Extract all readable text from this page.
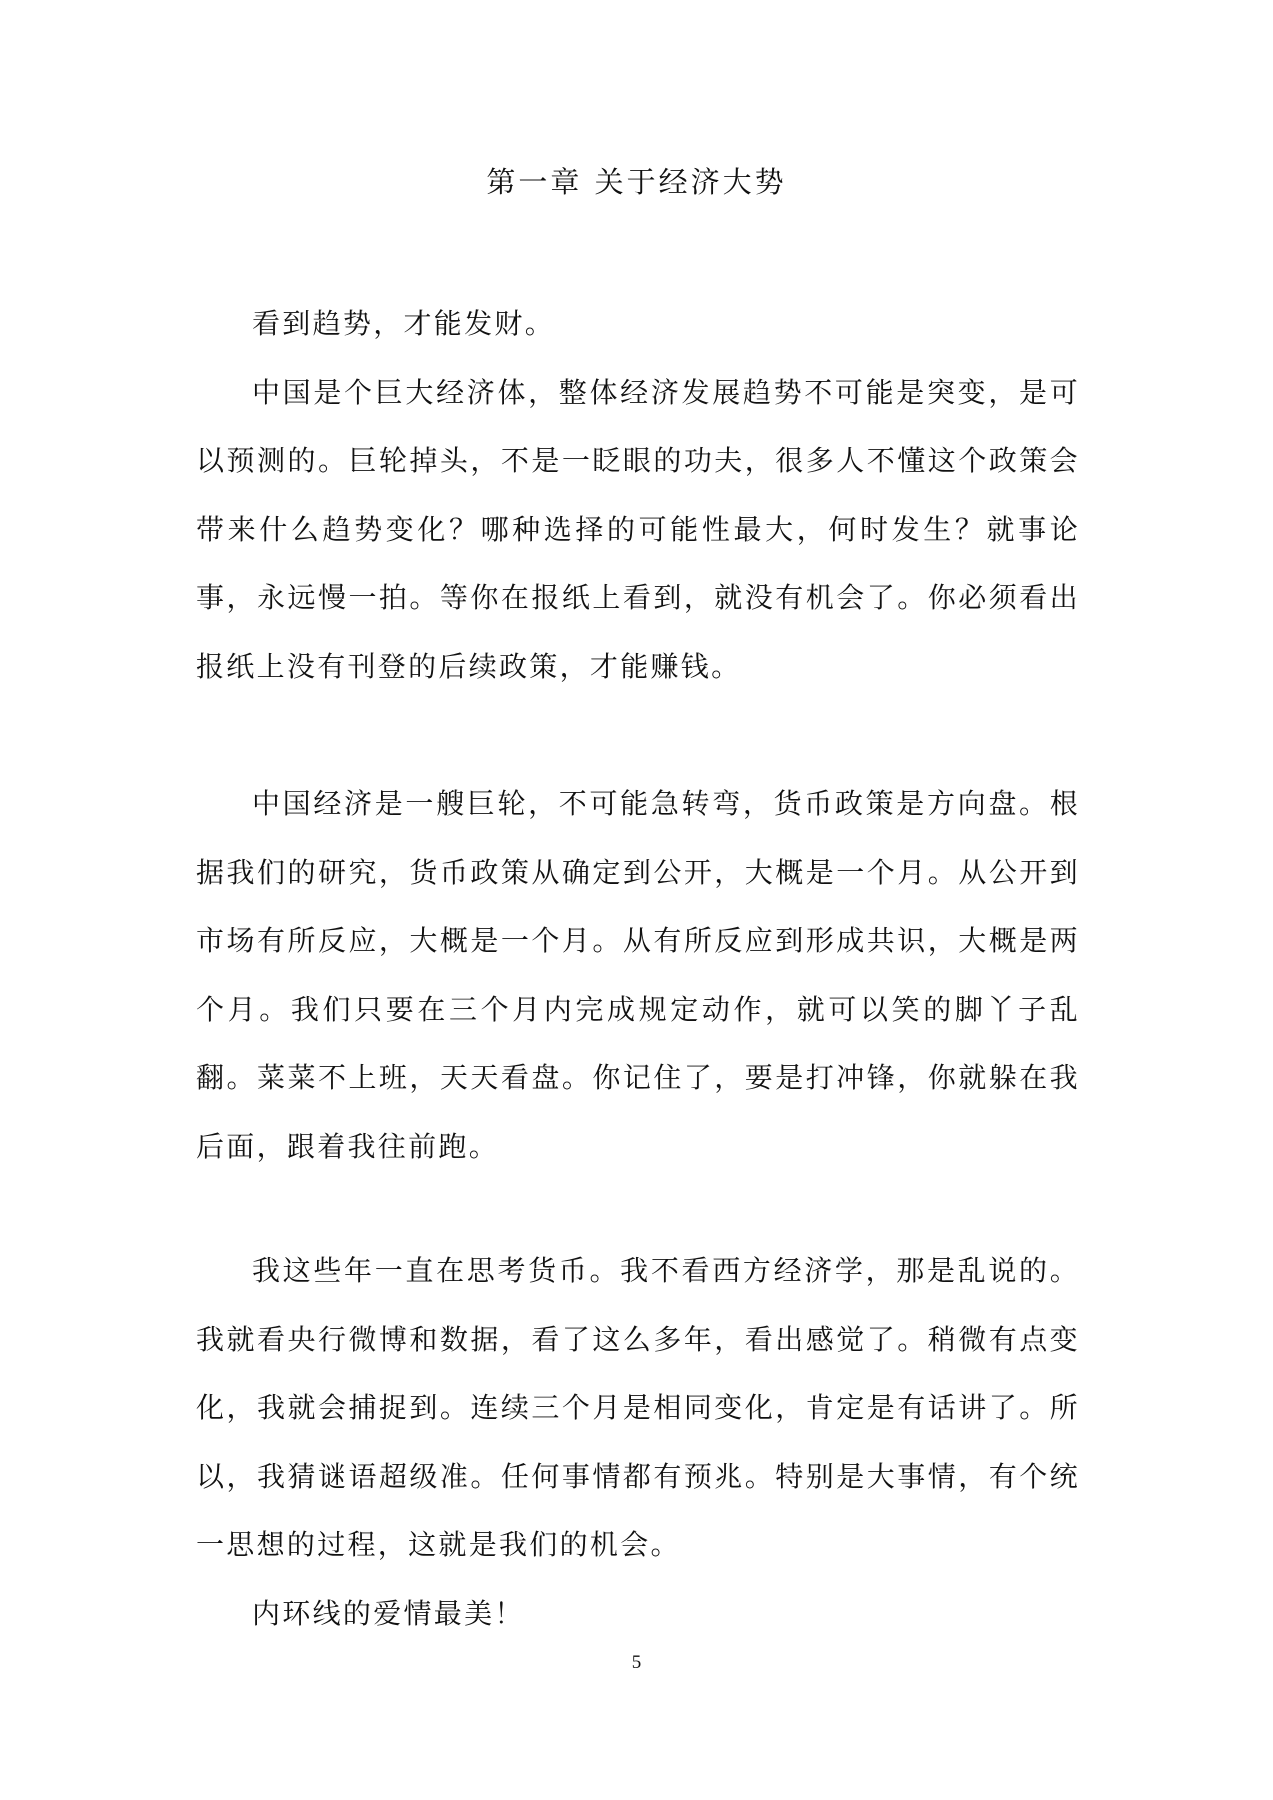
第一章 关于经济大势

看到趋势，才能发财。

中国是个巨大经济体，整体经济发展趋势不可能是突变，是可以预测的。巨轮掉头，不是一眨眼的功夫，很多人不懂这个政策会带来什么趋势变化？哪种选择的可能性最大，何时发生？就事论事，永远慢一拍。等你在报纸上看到，就没有机会了。你必须看出报纸上没有刊登的后续政策，才能赚钱。

中国经济是一艘巨轮，不可能急转弯，货币政策是方向盘。根据我们的研究，货币政策从确定到公开，大概是一个月。从公开到市场有所反应，大概是一个月。从有所反应到形成共识，大概是两个月。我们只要在三个月内完成规定动作，就可以笑的脚丫子乱翻。菜菜不上班，天天看盘。你记住了，要是打冲锋，你就躲在我后面，跟着我往前跑。

我这些年一直在思考货币。我不看西方经济学，那是乱说的。我就看央行微博和数据，看了这么多年，看出感觉了。稍微有点变化，我就会捕捉到。连续三个月是相同变化，肯定是有话讲了。所以，我猜谜语超级准。任何事情都有预兆。特别是大事情，有个统一思想的过程，这就是我们的机会。

内环线的爱情最美！

5
